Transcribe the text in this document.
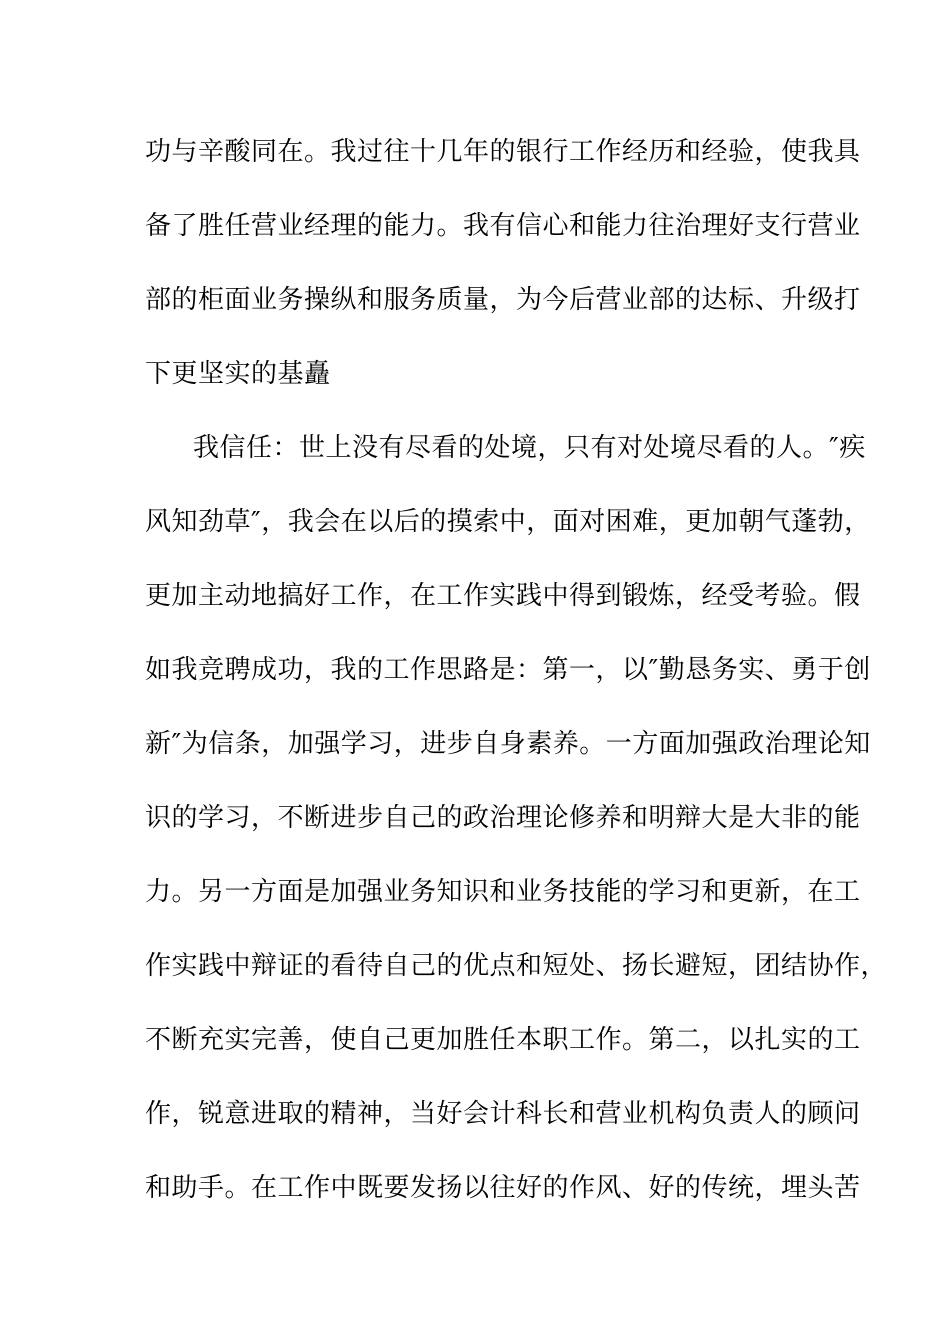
功与辛酸同在。我过往十几年的银行工作经历和经验，使我具
备了胜任营业经理的能力。我有信心和能力往治理好支行营业
部的柜面业务操纵和服务质量，为今后营业部的达标、升级打
下更坚实的基矗
我信任：世上没有尽看的处境，只有对处境尽看的人。″疾
风知劲草″，我会在以后的摸索中，面对困难，更加朝气蓬勃，
更加主动地搞好工作，在工作实践中得到锻炼，经受考验。假
如我竞聘成功，我的工作思路是：第一，以″勤恳务实、勇于创
新″为信条，加强学习，进步自身素养。一方面加强政治理论知
识的学习，不断进步自己的政治理论修养和明辩大是大非的能
力。另一方面是加强业务知识和业务技能的学习和更新，在工
作实践中辩证的看待自己的优点和短处、扬长避短，团结协作，
不断充实完善，使自己更加胜任本职工作。第二，以扎实的工
作，锐意进取的精神，当好会计科长和营业机构负责人的顾问
和助手。在工作中既要发扬以往好的作风、好的传统，埋头苦
